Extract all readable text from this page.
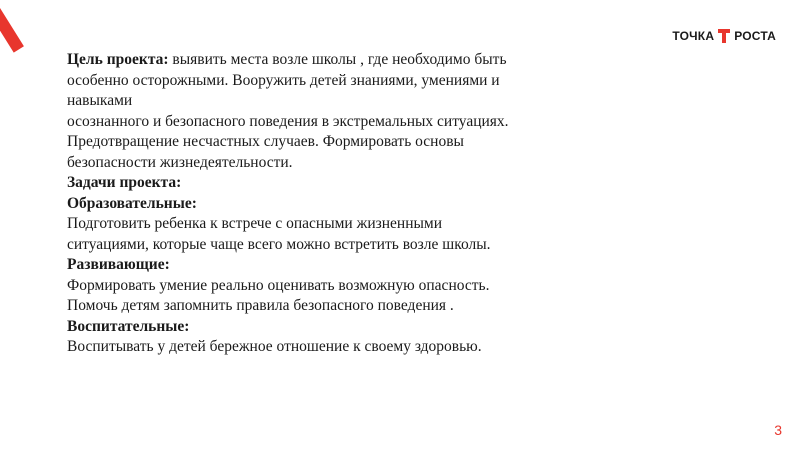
ТОЧКА РОСТА

Цель проекта: выявить места возле школы , где необходимо быть

особенно осторожными. Вооружить детей знаниями, умениями и

навыками

осознанного и безопасного поведения в экстремальных ситуациях.

Предотвращение несчастных случаев. Формировать основы

безопасности жизнедеятельности.

Задачи проекта:

Образовательные:

Подготовить ребенка к встрече с опасными жизненными

ситуациями, которые чаще всего можно встретить возле школы.

Развивающие:

Формировать умение реально оценивать возможную опасность.

Помочь детям запомнить правила безопасного поведения .

Воспитательные:

Воспитывать у детей бережное отношение к своему здоровью.

3
